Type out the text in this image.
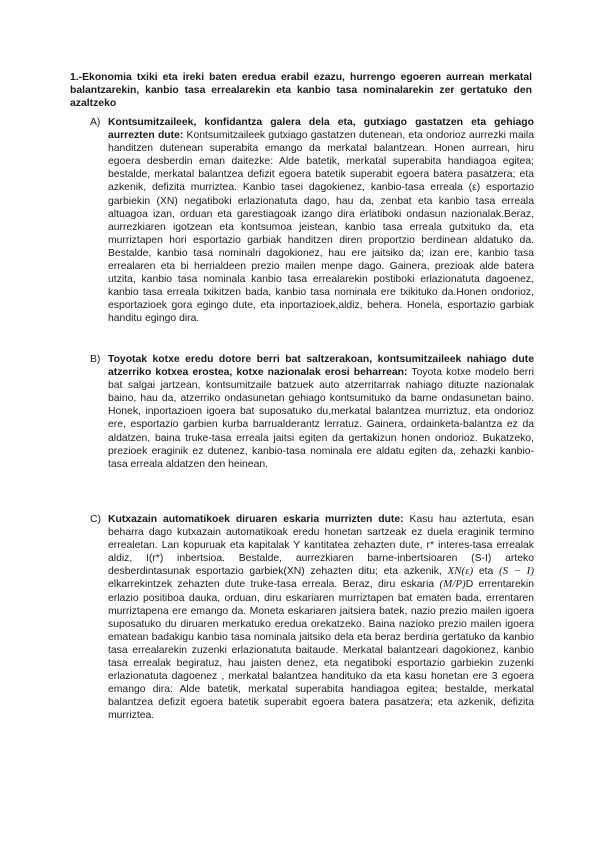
1.-Ekonomia txiki eta ireki baten eredua erabil ezazu, hurrengo egoeren aurrean merkatal balantzarekin, kanbio tasa errealarekin eta kanbio tasa nominalarekin zer gertatuko den azaltzeko

A) Kontsumitzaileek, konfidantza galera dela eta, gutxiago gastatzen eta gehiago aurrezten dute: Kontsumitzaileek gutxiago gastatzen dutenean, eta ondorioz aurrezki maila handitzen dutenean superabita emango da merkatal balantzean. Honen aurrean, hiru egoera desberdin eman daitezke: Alde batetik, merkatal superabita handiagoa egitea; bestalde, merkatal balantzea defizit egoera batetik superabit egoera batera pasatzera; eta azkenik, defizita murriztea. Kanbio tasei dagokienez, kanbio-tasa erreala (ε) esportazio garbiekin (XN) negatiboki erlazionatuta dago, hau da, zenbat eta kanbio tasa erreala altuagoa izan, orduan eta garestiagoak izango dira erlatiboki ondasun nazionalak.Beraz, aurrezkiaren igotzean eta kontsumoa jeistean, kanbio tasa erreala gutxituko da, eta murriztapen hori esportazio garbiak handitzen diren proportzio berdinean aldatuko da. Bestalde, kanbio tasa nominalri dagokionez, hau ere jaitsiko da; izan ere, kanbio tasa errealaren eta bi herrialdeen prezio mailen menpe dago. Gainera, prezioak alde batera utzita, kanbio tasa nominala kanbio tasa errealarekin postiboki erlazionatuta dagoenez, kanbio tasa erreala txikitzen bada, kanbio tasa nominala ere txikituko da.Honen ondorioz, esportazioek gora egingo dute, eta inportazioek,aldiz, behera. Honela, esportazio garbiak handitu egingo dira.

B) Toyotak kotxe eredu dotore berri bat saltzerakoan, kontsumitzaileek nahiago dute atzerriko kotxea erostea, kotxe nazionalak erosi beharrean: Toyota kotxe modelo berri bat salgai jartzean, kontsumitzaile batzuek auto atzerritarrak nahiago dituzte nazionalak baino, hau da, atzerriko ondasunetan gehiago kontsumituko da barne ondasunetan baino. Honek, inportazioen igoera bat suposatuko du,merkatal balantzea murriztuz, eta ondorioz ere, esportazio garbien kurba barrualderantz lerratuz. Gainera, ordainketa-balantza ez da aldatzen, baina truke-tasa erreala jaitsi egiten da gertakizun honen ondorioz. Bukatzeko, prezioek eraginik ez dutenez, kanbio-tasa nominala ere aldatu egiten da, zehazki kanbio-tasa erreala aldatzen den heinean.

C) Kutxazain automatikoek diruaren eskaria murrizten dute: Kasu hau aztertuta, esan beharra dago kutxazain automatikoak eredu honetan sartzeak ez duela eraginik termino errealetan. Lan kopuruak eta kapitalak Y kantitatea zehazten dute, r* interes-tasa errealak aldiz, I(r*) inbertsioa. Bestalde, aurrezkiaren barne-inbertsioaren (S-I) arteko desberdintasunak esportazio garbiek(XN) zehazten ditu; eta azkenik, XN(ε) eta (S − I) elkarrekintzek zehazten dute truke-tasa erreala. Beraz, diru eskaria (M/P)D errentarekin erlazio positiboa dauka, orduan, diru eskariaren murriztapen bat ematen bada, errentaren murriztapena ere emango da. Moneta eskariaren jaitsiera batek, nazio prezio mailen igoera suposatuko du diruaren merkatuko eredua orekatzeko. Baina nazioko prezio mailen igoera ematean badakigu kanbio tasa nominala jaitsiko dela eta beraz berdina gertatuko da kanbio tasa errealarekin zuzenki erlazionatuta baitaude. Merkatal balantzeari dagokionez, kanbio tasa errealak begiratuz, hau jaisten denez, eta negatiboki esportazio garbiekin zuzenki erlazionatuta dagoenez , merkatal balantzea handituko da eta kasu honetan ere 3 egoera emango dira: Alde batetik, merkatal superabita handiagoa egitea; bestalde, merkatal balantzea defizit egoera batetik superabit egoera batera pasatzera; eta azkenik, defizita murriztea.
